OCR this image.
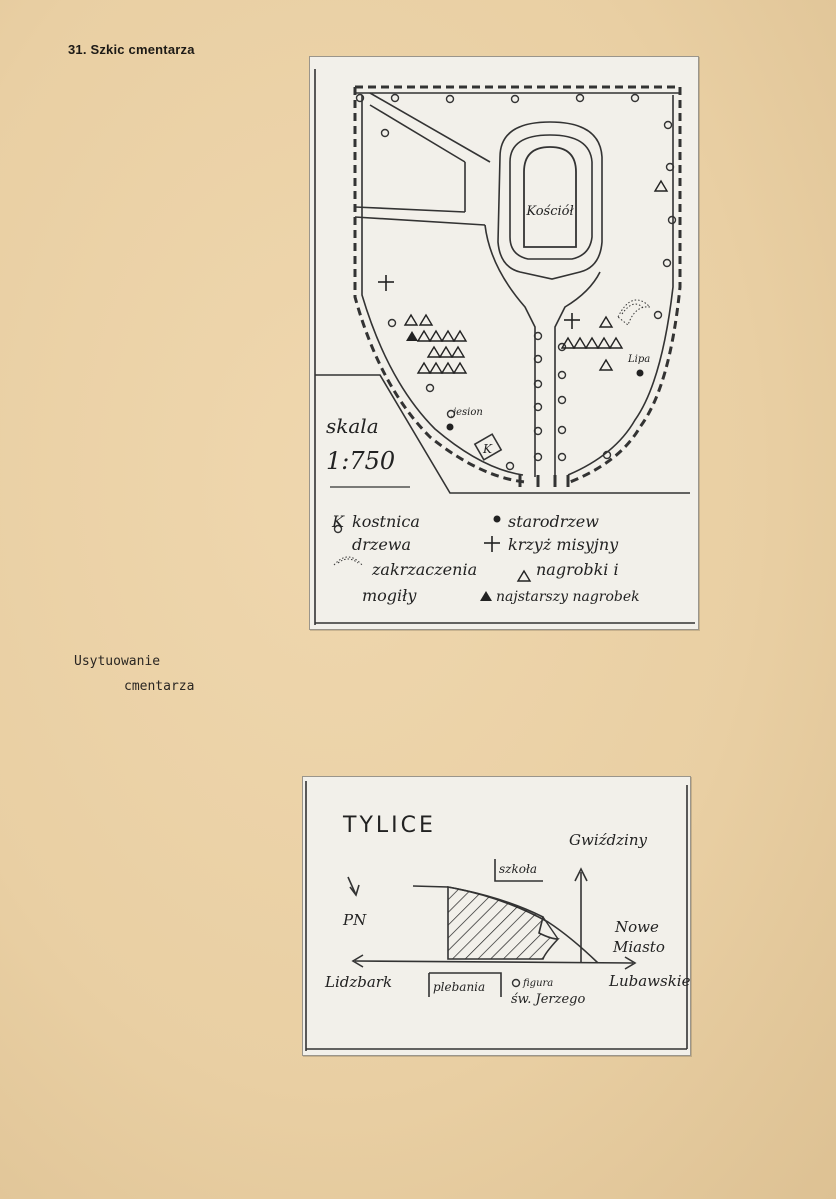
31. Szkic cmentarza
Kościół
jesion
Lipa
K
skala
1:750
K kostnica	starodrzew
drzewa	krzyż misyjny
zakrzaczenia	nagrobki i
mogiły	najstarszy nagrobek
Usytuowanie
cmentarza
TYLICE
PN
szkoła
Gwiździny
Nowe
Miasto
Lidzbark	plebania	figura
św. Jerzego
Lubawskie
